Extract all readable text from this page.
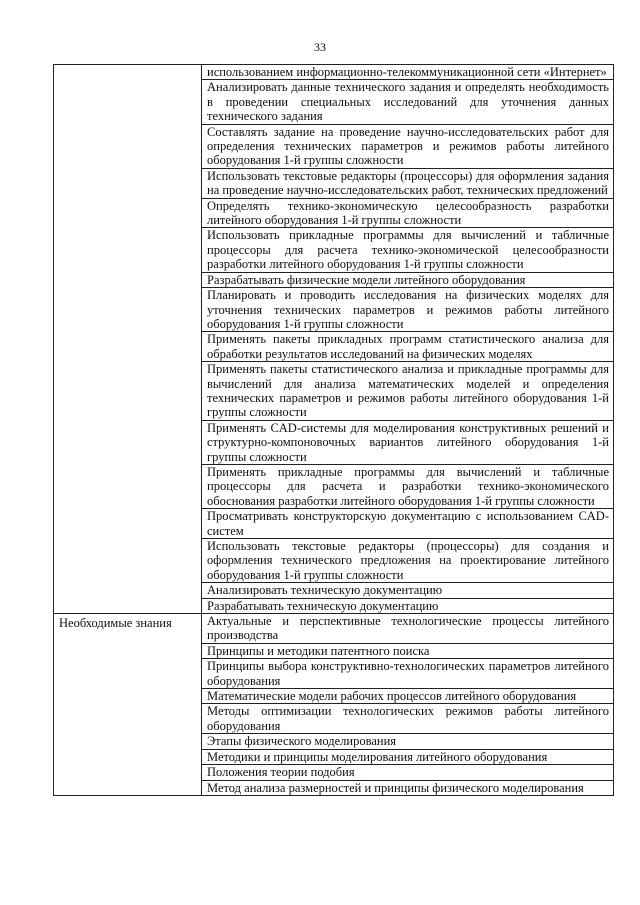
33
	использованием информационно-телекоммуникационной сети «Интернет»
	Анализировать данные технического задания и определять необходимость в проведении специальных исследований для уточнения данных технического задания
	Составлять задание на проведение научно-исследовательских работ для определения технических параметров и режимов работы литейного оборудования 1-й группы сложности
	Использовать текстовые редакторы (процессоры) для оформления задания на проведение научно-исследовательских работ, технических предложений
	Определять технико-экономическую целесообразность разработки литейного оборудования 1-й группы сложности
	Использовать прикладные программы для вычислений и табличные процессоры для расчета технико-экономической целесообразности разработки литейного оборудования 1-й группы сложности
	Разрабатывать физические модели литейного оборудования
	Планировать и проводить исследования на физических моделях для уточнения технических параметров и режимов работы литейного оборудования 1-й группы сложности
	Применять пакеты прикладных программ статистического анализа для обработки результатов исследований на физических моделях
	Применять пакеты статистического анализа и прикладные программы для вычислений для анализа математических моделей и определения технических параметров и режимов работы литейного оборудования 1-й группы сложности
	Применять CAD-системы для моделирования конструктивных решений и структурно-компоновочных вариантов литейного оборудования 1-й группы сложности
	Применять прикладные программы для вычислений и табличные процессоры для расчета и разработки технико-экономического обоснования разработки литейного оборудования 1-й группы сложности
	Просматривать конструкторскую документацию с использованием CAD-систем
	Использовать текстовые редакторы (процессоры) для создания и оформления технического предложения на проектирование литейного оборудования 1-й группы сложности
	Анализировать техническую документацию
	Разрабатывать техническую документацию
Необходимые знания	Актуальные и перспективные технологические процессы литейного производства
	Принципы и методики патентного поиска
	Принципы выбора конструктивно-технологических параметров литейного оборудования
	Математические модели рабочих процессов литейного оборудования
	Методы оптимизации технологических режимов работы литейного оборудования
	Этапы физического моделирования
	Методики и принципы моделирования литейного оборудования
	Положения теории подобия
	Метод анализа размерностей и принципы физического моделирования
